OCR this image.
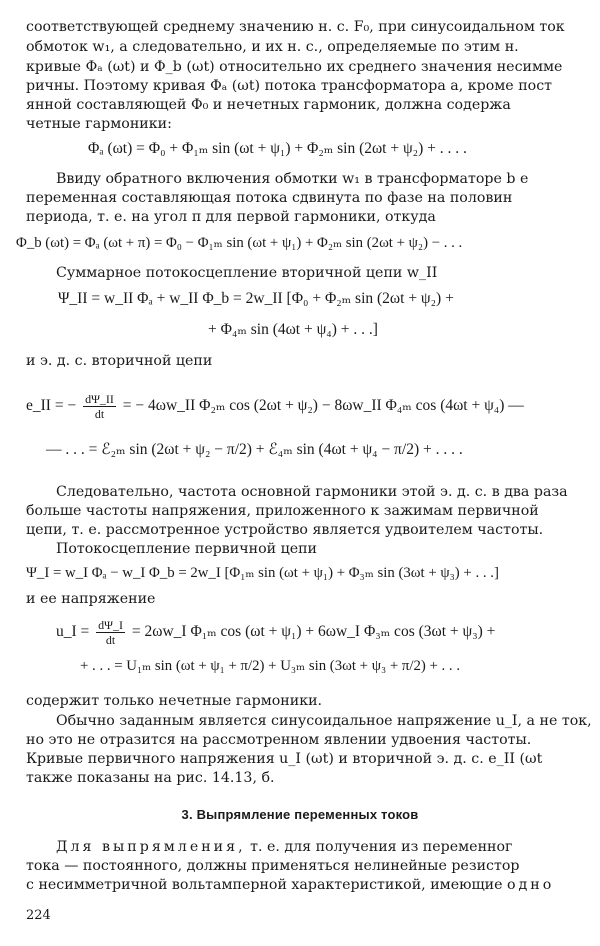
соответствующей среднему значению н. с. F₀, при синусоидальном ток
обмоток w₁, а следовательно, и их н. с., определяемые по этим н.
кривые Φₐ (ωt) и Φ_b (ωt) относительно их среднего значения несимме
ричны. Поэтому кривая Φₐ (ωt) потока трансформатора a, кроме пост
янной составляющей Φ₀ и нечетных гармоник, должна содержа
четные гармоники:
Φₐ (ωt) = Φ₀ + Φ₁ₘ sin (ωt + ψ₁) + Φ₂ₘ sin (2ωt + ψ₂) + . . . .
Ввиду обратного включения обмотки w₁ в трансформаторе b е
переменная составляющая потока сдвинута по фазе на половин
периода, т. е. на угол π для первой гармоники, откуда
Φ_b (ωt) = Φₐ (ωt + π) = Φ₀ − Φ₁ₘ sin (ωt + ψ₁) + Φ₂ₘ sin (2ωt + ψ₂) − . . .
Суммарное потокосцепление вторичной цепи w_II
Ψ_II = w_II Φₐ + w_II Φ_b = 2w_II [Φ₀ + Φ₂ₘ sin (2ωt + ψ₂) +
+ Φ₄ₘ sin (4ωt + ψ₄) + . . .]
и э. д. с. вторичной цепи
e_II = − $\frac{d\Psi\_II}{dt}$ = − 4ωw_II Φ₂ₘ cos (2ωt + ψ₂) − 8ωw_II Φ₄ₘ cos (4ωt + ψ₄) —
— . . . = ℰ₂ₘ sin (2ωt + ψ₂ − π/2) + ℰ₄ₘ sin (4ωt + ψ₄ − π/2) + . . . .
Следовательно, частота основной гармоники этой э. д. с. в два раза
больше частоты напряжения, приложенного к зажимам первичной
цепи, т. е. рассмотренное устройство является удвоителем частоты.
Потокосцепление первичной цепи
Ψ_I = w_I Φₐ − w_I Φ_b = 2w_I [Φ₁ₘ sin (ωt + ψ₁) + Φ₃ₘ sin (3ωt + ψ₃) + . . .]
и ее напряжение
u_I = $\frac{d\Psi\_I}{dt}$ = 2ωw_I Φ₁ₘ cos (ωt + ψ₁) + 6ωw_I Φ₃ₘ cos (3ωt + ψ₃) +
+ . . . = U₁ₘ sin (ωt + ψ₁ + π/2) + U₃ₘ sin (3ωt + ψ₃ + π/2) + . . .
содержит только нечетные гармоники.
Обычно заданным является синусоидальное напряжение u_I, а не ток,
но это не отразится на рассмотренном явлении удвоения частоты.
Кривые первичного напряжения u_I (ωt) и вторичной э. д. с. e_II (ωt
также показаны на рис. 14.13, б.
3. Выпрямление переменных токов
Для выпрямления, т. е. для получения из переменног
тока — постоянного, должны применяться нелинейные резистор
с несимметричной вольтамперной характеристикой, имеющие одно
224
